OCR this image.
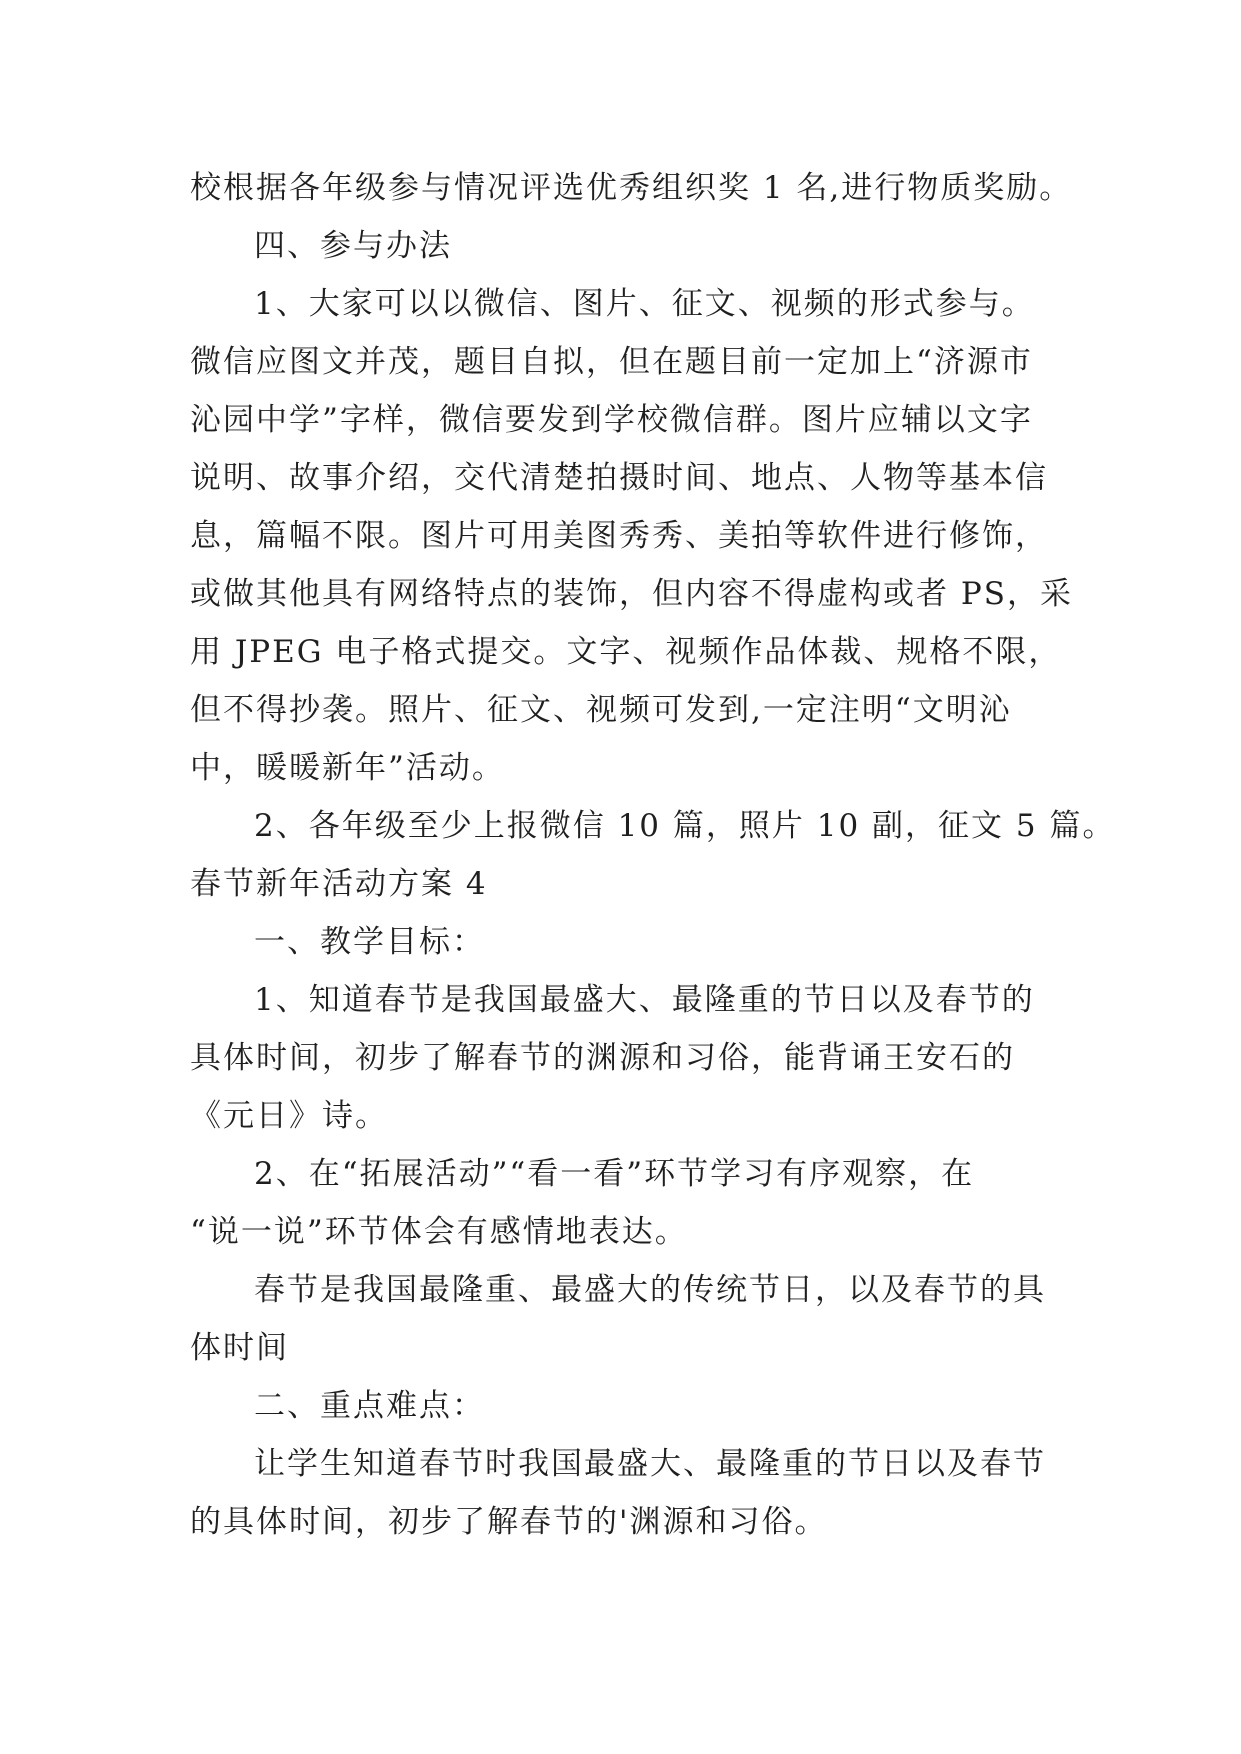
校根据各年级参与情况评选优秀组织奖 1 名,进行物质奖励。
四、参与办法
1、大家可以以微信、图片、征文、视频的形式参与。
微信应图文并茂，题目自拟，但在题目前一定加上“济源市
沁园中学”字样，微信要发到学校微信群。图片应辅以文字
说明、故事介绍，交代清楚拍摄时间、地点、人物等基本信
息，篇幅不限。图片可用美图秀秀、美拍等软件进行修饰，
或做其他具有网络特点的装饰，但内容不得虚构或者 PS，采
用 JPEG 电子格式提交。文字、视频作品体裁、规格不限，
但不得抄袭。照片、征文、视频可发到,一定注明“文明沁
中，暖暖新年”活动。
2、各年级至少上报微信 10 篇，照片 10 副，征文 5 篇。
春节新年活动方案 4
一、教学目标：
1、知道春节是我国最盛大、最隆重的节日以及春节的
具体时间，初步了解春节的渊源和习俗，能背诵王安石的
《元日》诗。
2、在“拓展活动”“看一看”环节学习有序观察，在
“说一说”环节体会有感情地表达。
春节是我国最隆重、最盛大的传统节日，以及春节的具
体时间
二、重点难点：
让学生知道春节时我国最盛大、最隆重的节日以及春节
的具体时间，初步了解春节的'渊源和习俗。
